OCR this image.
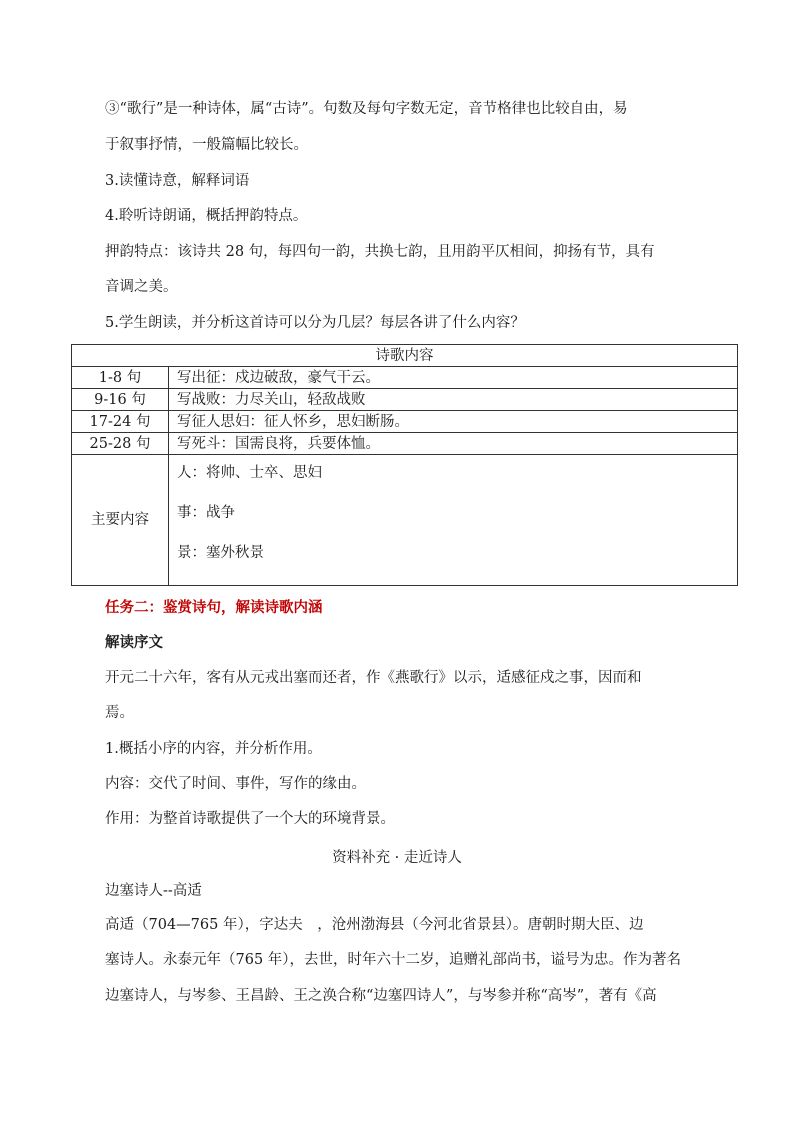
③“歌行”是一种诗体，属“古诗”。句数及每句字数无定，音节格律也比较自由，易
于叙事抒情，一般篇幅比较长。
3.读懂诗意，解释词语
4.聆听诗朗诵，概括押韵特点。
押韵特点：该诗共 28 句，每四句一韵，共换七韵，且用韵平仄相间，抑扬有节，具有
音调之美。
5.学生朗读，并分析这首诗可以分为几层？每层各讲了什么内容？
诗歌内容	
1-8 句	写出征：戍边破敌，豪气干云。
9-16 句	写战败：力尽关山，轻敌战败
17-24 句	写征人思妇：征人怀乡，思妇断肠。
25-28 句	写死斗：国需良将，兵要体恤。
主要内容	人：将帅、士卒、思妇
事：战争
景：塞外秋景
任务二：鉴赏诗句，解读诗歌内涵
解读序文
开元二十六年，客有从元戎出塞而还者，作《燕歌行》以示，适感征戍之事，因而和
焉。
1.概括小序的内容，并分析作用。
内容：交代了时间、事件，写作的缘由。
作用：为整首诗歌提供了一个大的环境背景。
资料补充 · 走近诗人
边塞诗人--高适
高适（704—765 年），字达夫　，沧州渤海县（今河北省景县）。唐朝时期大臣、边
塞诗人。永泰元年（765 年），去世，时年六十二岁，追赠礼部尚书，谥号为忠。作为著名
边塞诗人，与岑参、王昌龄、王之涣合称“边塞四诗人”，与岑参并称“高岑”，著有《高
